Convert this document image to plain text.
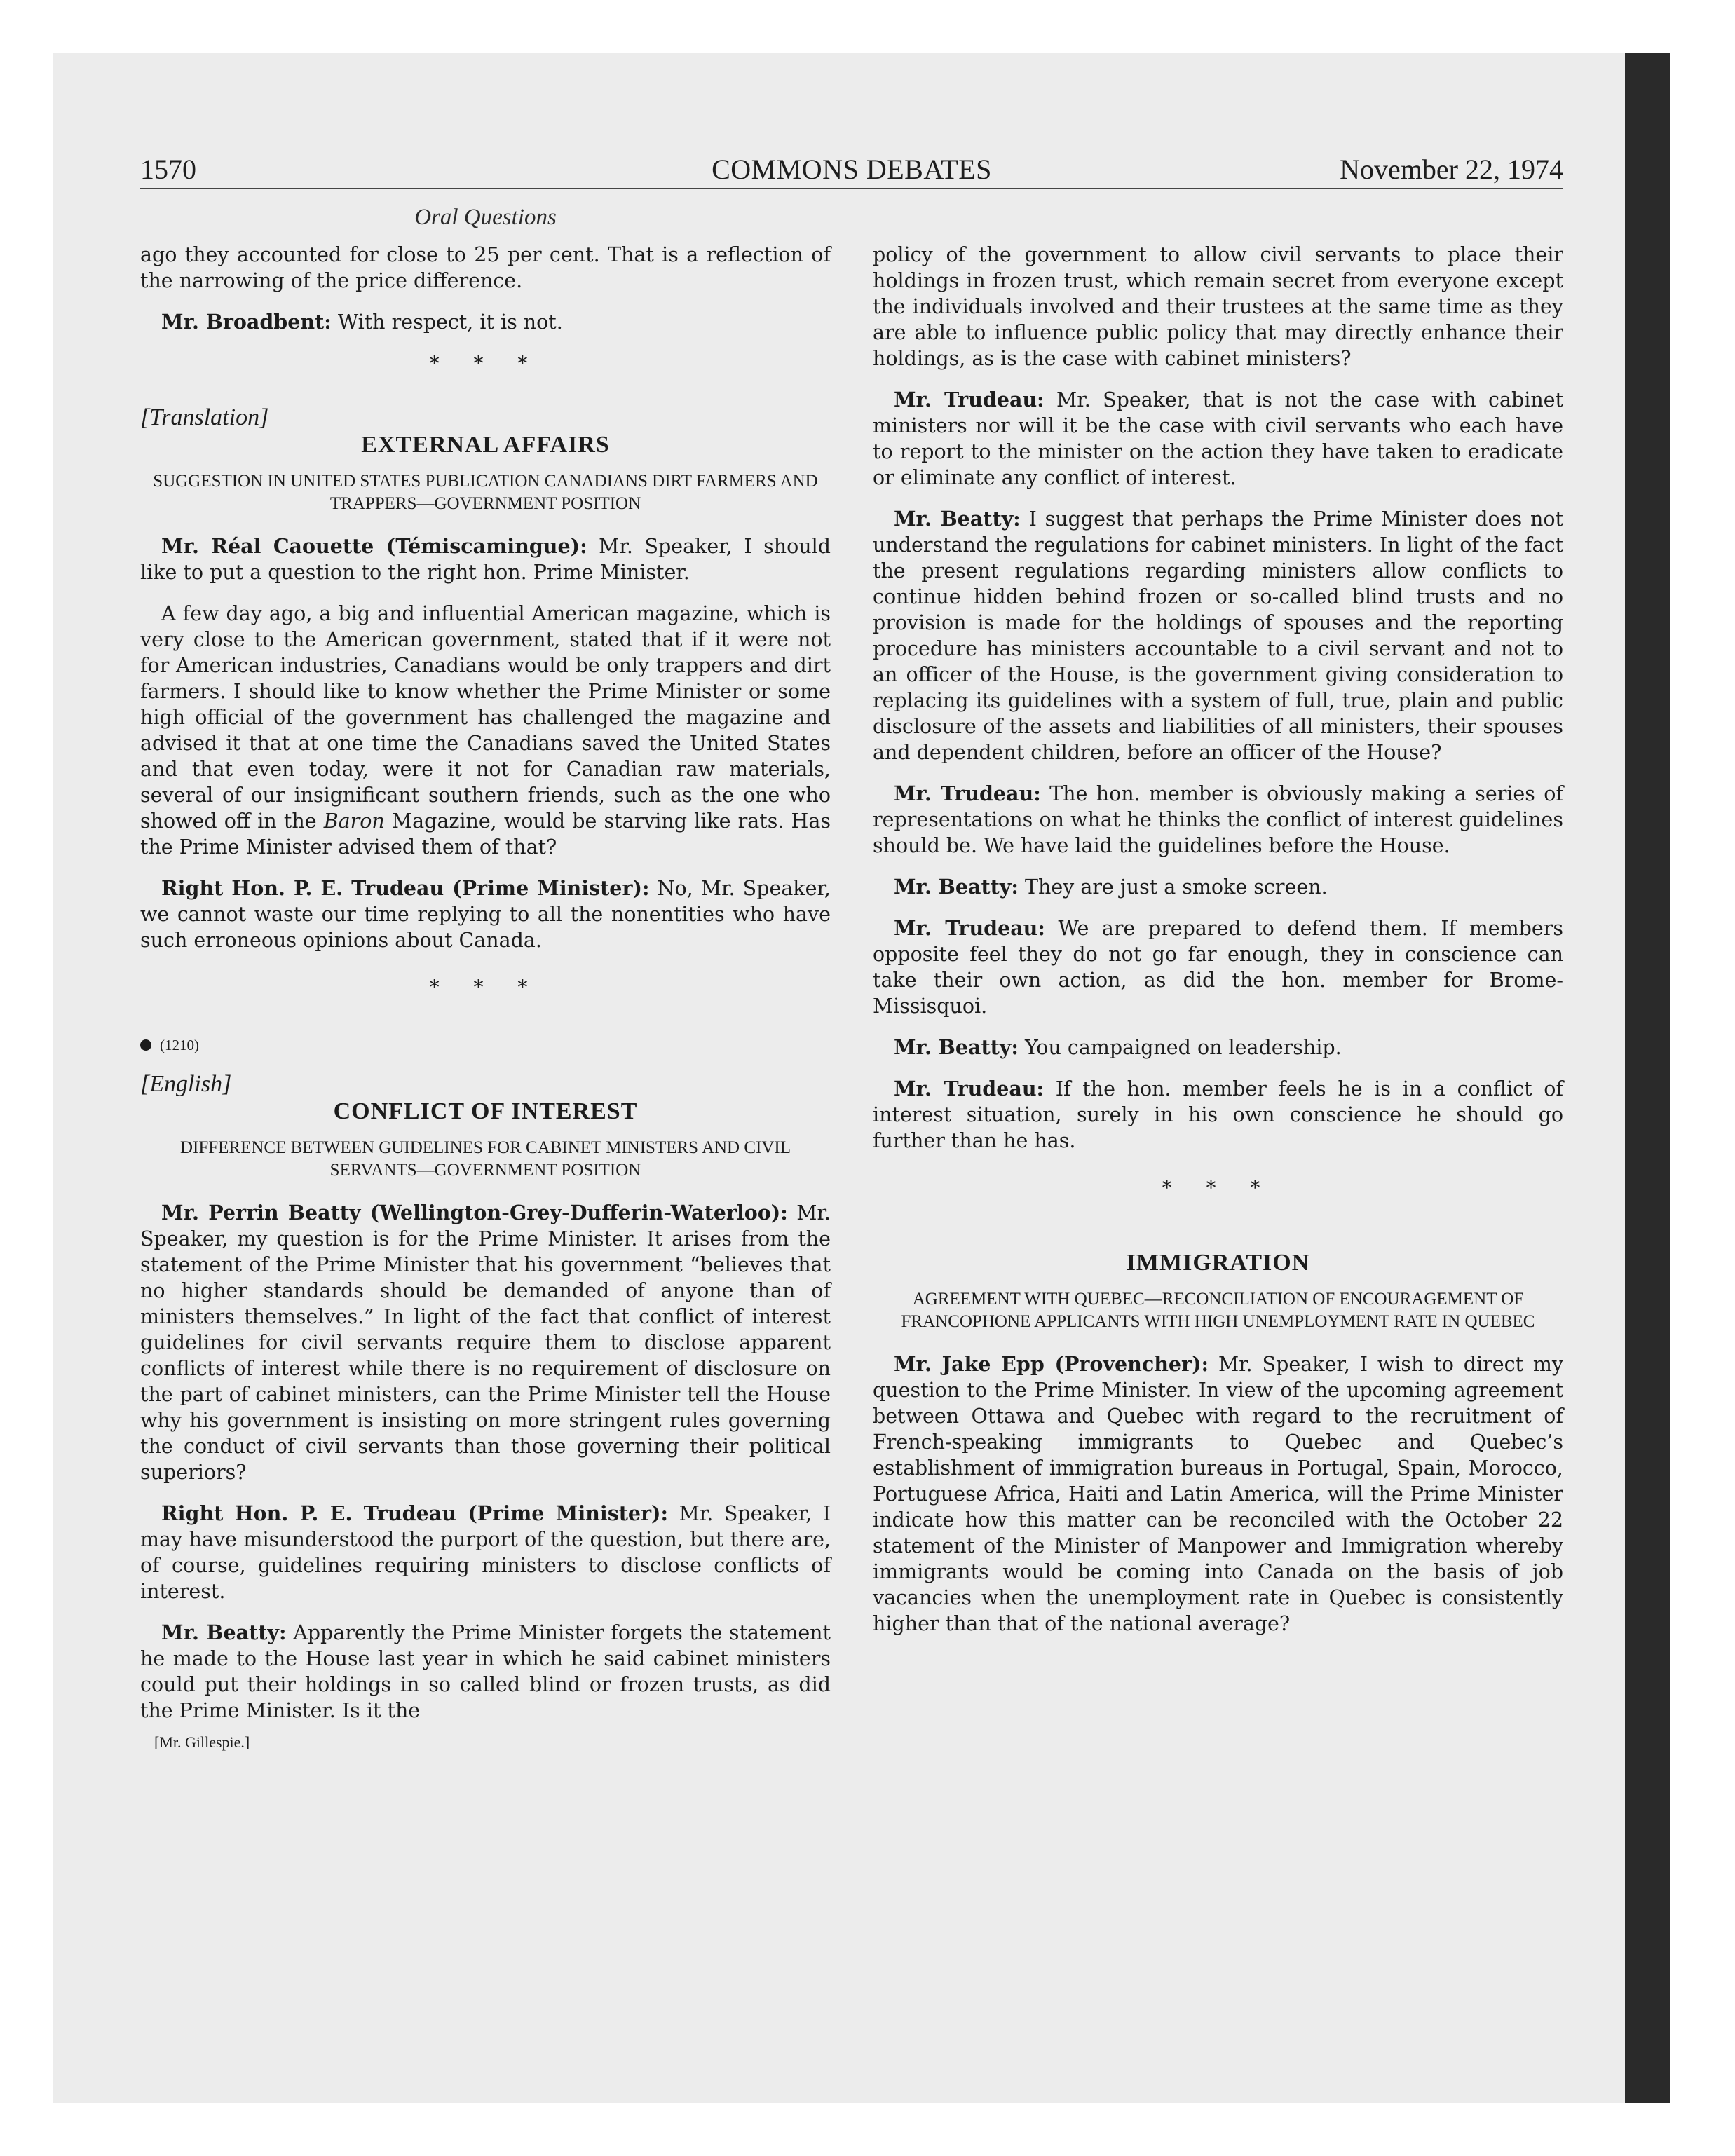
1570	COMMONS DEBATES	November 22, 1974
Oral Questions

ago they accounted for close to 25 per cent. That is a reflection of the narrowing of the price difference.

Mr. Broadbent: With respect, it is not.

* * *
[Translation]
EXTERNAL AFFAIRS
SUGGESTION IN UNITED STATES PUBLICATION CANADIANS DIRT FARMERS AND TRAPPERS—GOVERNMENT POSITION

Mr. Réal Caouette (Témiscamingue): Mr. Speaker, I should like to put a question to the right hon. Prime Minister.

A few day ago, a big and influential American magazine, which is very close to the American government, stated that if it were not for American industries, Canadians would be only trappers and dirt farmers. I should like to know whether the Prime Minister or some high official of the government has challenged the magazine and advised it that at one time the Canadians saved the United States and that even today, were it not for Canadian raw materials, several of our insignificant southern friends, such as the one who showed off in the Baron Magazine, would be starving like rats. Has the Prime Minister advised them of that?

Right Hon. P. E. Trudeau (Prime Minister): No, Mr. Speaker, we cannot waste our time replying to all the nonentities who have such erroneous opinions about Canada.

* * *
(1210)
[English]
CONFLICT OF INTEREST
DIFFERENCE BETWEEN GUIDELINES FOR CABINET MINISTERS AND CIVIL SERVANTS—GOVERNMENT POSITION

Mr. Perrin Beatty (Wellington-Grey-Dufferin-Waterloo): Mr. Speaker, my question is for the Prime Minister. It arises from the statement of the Prime Minister that his government “believes that no higher standards should be demanded of anyone than of ministers themselves.” In light of the fact that conflict of interest guidelines for civil servants require them to disclose apparent conflicts of interest while there is no requirement of disclosure on the part of cabinet ministers, can the Prime Minister tell the House why his government is insisting on more stringent rules governing the conduct of civil servants than those governing their political superiors?

Right Hon. P. E. Trudeau (Prime Minister): Mr. Speaker, I may have misunderstood the purport of the question, but there are, of course, guidelines requiring ministers to disclose conflicts of interest.

Mr. Beatty: Apparently the Prime Minister forgets the statement he made to the House last year in which he said cabinet ministers could put their holdings in so called blind or frozen trusts, as did the Prime Minister. Is it the

[Mr. Gillespie.]

policy of the government to allow civil servants to place their holdings in frozen trust, which remain secret from everyone except the individuals involved and their trustees at the same time as they are able to influence public policy that may directly enhance their holdings, as is the case with cabinet ministers?

Mr. Trudeau: Mr. Speaker, that is not the case with cabinet ministers nor will it be the case with civil servants who each have to report to the minister on the action they have taken to eradicate or eliminate any conflict of interest.

Mr. Beatty: I suggest that perhaps the Prime Minister does not understand the regulations for cabinet ministers. In light of the fact the present regulations regarding ministers allow conflicts to continue hidden behind frozen or so-called blind trusts and no provision is made for the holdings of spouses and the reporting procedure has ministers accountable to a civil servant and not to an officer of the House, is the government giving consideration to replacing its guidelines with a system of full, true, plain and public disclosure of the assets and liabilities of all ministers, their spouses and dependent children, before an officer of the House?

Mr. Trudeau: The hon. member is obviously making a series of representations on what he thinks the conflict of interest guidelines should be. We have laid the guidelines before the House.

Mr. Beatty: They are just a smoke screen.

Mr. Trudeau: We are prepared to defend them. If members opposite feel they do not go far enough, they in conscience can take their own action, as did the hon. member for Brome-Missisquoi.

Mr. Beatty: You campaigned on leadership.

Mr. Trudeau: If the hon. member feels he is in a conflict of interest situation, surely in his own conscience he should go further than he has.

* * *
IMMIGRATION
AGREEMENT WITH QUEBEC—RECONCILIATION OF ENCOURAGEMENT OF FRANCOPHONE APPLICANTS WITH HIGH UNEMPLOYMENT RATE IN QUEBEC

Mr. Jake Epp (Provencher): Mr. Speaker, I wish to direct my question to the Prime Minister. In view of the upcoming agreement between Ottawa and Quebec with regard to the recruitment of French-speaking immigrants to Quebec and Quebec’s establishment of immigration bureaus in Portugal, Spain, Morocco, Portuguese Africa, Haiti and Latin America, will the Prime Minister indicate how this matter can be reconciled with the October 22 statement of the Minister of Manpower and Immigration whereby immigrants would be coming into Canada on the basis of job vacancies when the unemployment rate in Quebec is consistently higher than that of the national average?
